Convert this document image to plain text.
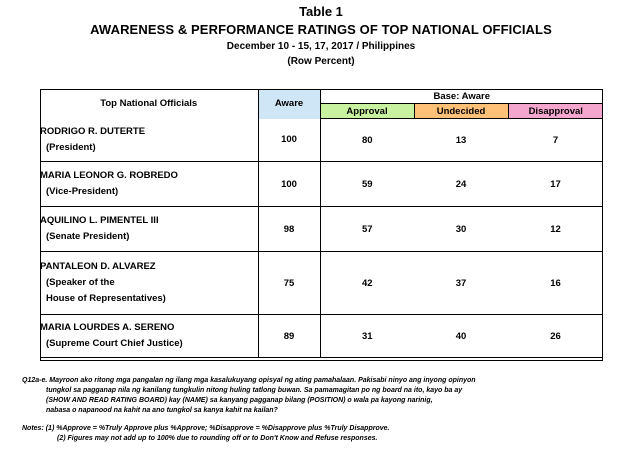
Table 1
AWARENESS & PERFORMANCE RATINGS OF TOP NATIONAL OFFICIALS
December 10 - 15, 17, 2017 / Philippines
(Row Percent)
Top National Officials	Aware	Base: Aware		
		Approval	Undecided	Disapproval
RODRIGO R. DUTERTE
(President)	100	80	13	7
MARIA LEONOR G. ROBREDO
(Vice-President)	100	59	24	17
AQUILINO L. PIMENTEL III
(Senate President)	98	57	30	12
PANTALEON D. ALVAREZ
(Speaker of the
House of Representatives)	75	42	37	16
MARIA LOURDES A. SERENO
(Supreme Court Chief Justice)	89	31	40	26
Q12a-e. Mayroon ako ritong mga pangalan ng ilang mga kasalukuyang opisyal ng ating pamahalaan. Pakisabi ninyo ang inyong opinyon
tungkol sa pagganap nila ng kanilang tungkulin nitong huling tatlong buwan. Sa pamamagitan po ng board na ito, kayo ba ay
(SHOW AND READ RATING BOARD) kay (NAME) sa kanyang pagganap bilang (POSITION) o wala pa kayong narinig,
nabasa o napanood na kahit na ano tungkol sa kanya kahit na kailan?
Notes: (1) %Approve = %Truly Approve plus %Approve; %Disapprove = %Disapprove plus %Truly Disapprove.
(2) Figures may not add up to 100% due to rounding off or to Don't Know and Refuse responses.
